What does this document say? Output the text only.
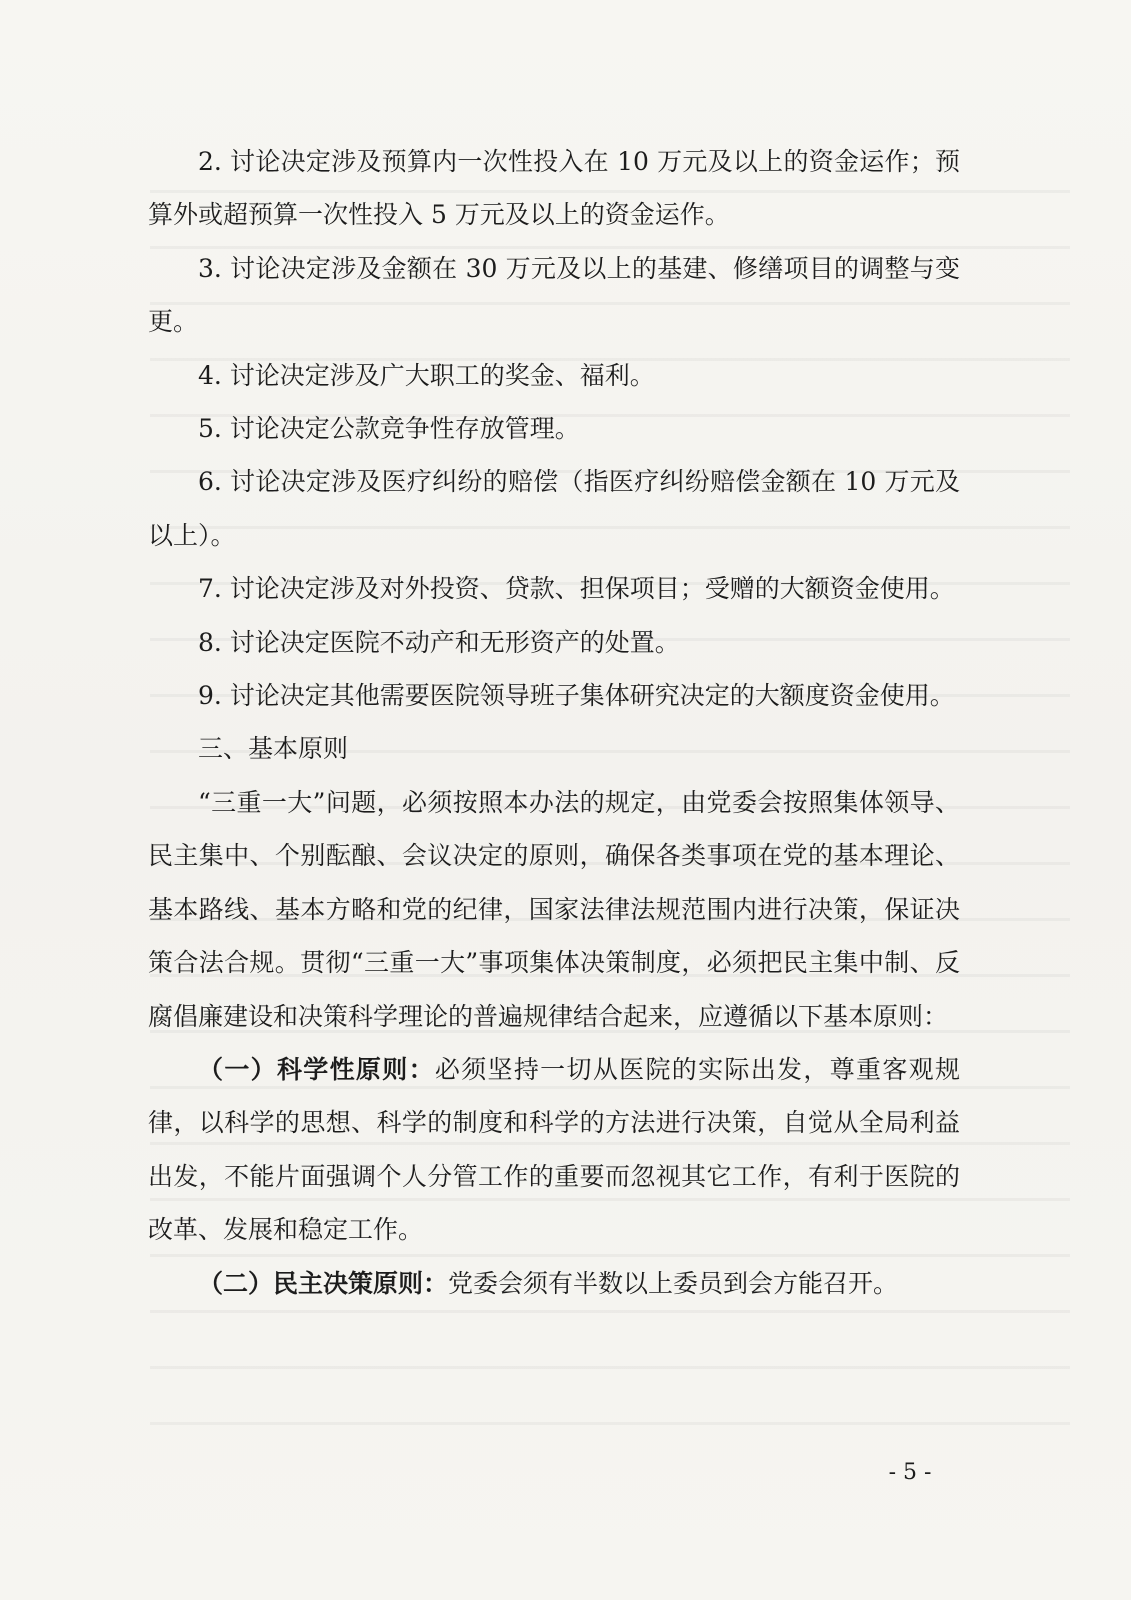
2. 讨论决定涉及预算内一次性投入在 10 万元及以上的资金运作；预算外或超预算一次性投入 5 万元及以上的资金运作。

3. 讨论决定涉及金额在 30 万元及以上的基建、修缮项目的调整与变更。

4. 讨论决定涉及广大职工的奖金、福利。

5. 讨论决定公款竞争性存放管理。

6. 讨论决定涉及医疗纠纷的赔偿（指医疗纠纷赔偿金额在 10 万元及以上）。

7. 讨论决定涉及对外投资、贷款、担保项目；受赠的大额资金使用。

8. 讨论决定医院不动产和无形资产的处置。

9. 讨论决定其他需要医院领导班子集体研究决定的大额度资金使用。

三、基本原则

“三重一大”问题，必须按照本办法的规定，由党委会按照集体领导、民主集中、个别酝酿、会议决定的原则，确保各类事项在党的基本理论、基本路线、基本方略和党的纪律，国家法律法规范围内进行决策，保证决策合法合规。贯彻“三重一大”事项集体决策制度，必须把民主集中制、反腐倡廉建设和决策科学理论的普遍规律结合起来，应遵循以下基本原则：

（一）科学性原则：必须坚持一切从医院的实际出发，尊重客观规律，以科学的思想、科学的制度和科学的方法进行决策，自觉从全局利益出发，不能片面强调个人分管工作的重要而忽视其它工作，有利于医院的改革、发展和稳定工作。

（二）民主决策原则：党委会须有半数以上委员到会方能召开。

- 5 -
